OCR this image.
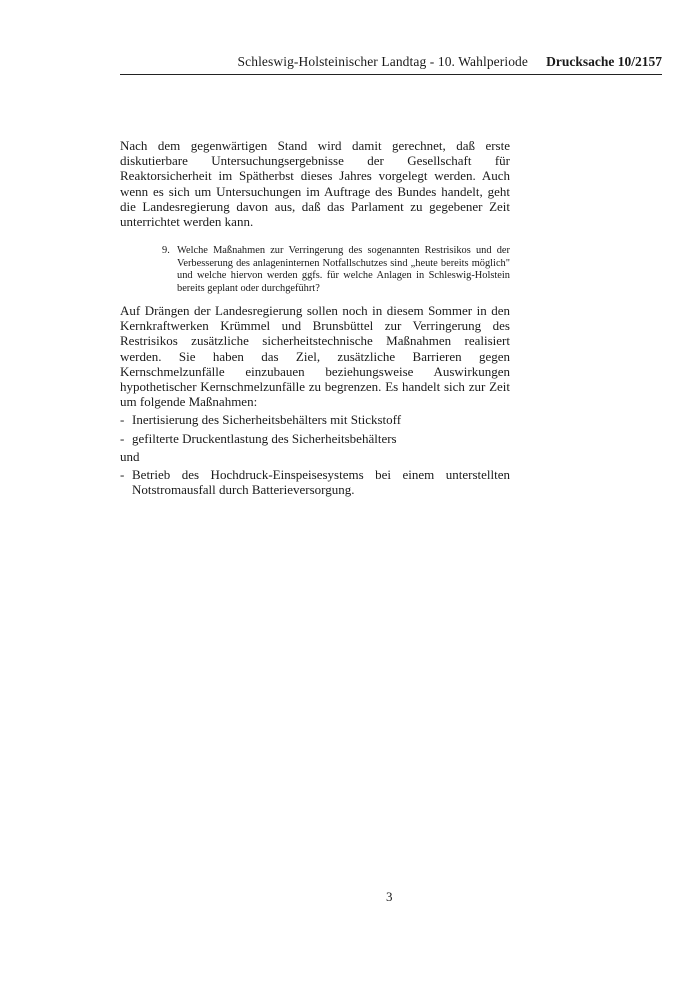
Schleswig-Holsteinischer Landtag - 10. Wahlperiode Drucksache 10/2157

Nach dem gegenwärtigen Stand wird damit gerechnet, daß erste diskutierbare Untersuchungsergebnisse der Gesellschaft für Reaktorsicherheit im Spätherbst dieses Jahres vorgelegt werden. Auch wenn es sich um Untersuchungen im Auftrage des Bundes handelt, geht die Landesregierung davon aus, daß das Parlament zu gegebener Zeit unterrichtet werden kann.

9. Welche Maßnahmen zur Verringerung des sogenannten Restrisikos und der Verbesserung des anlageninternen Notfallschutzes sind „heute bereits möglich" und welche hiervon werden ggfs. für welche Anlagen in Schleswig-Holstein bereits geplant oder durchgeführt?

Auf Drängen der Landesregierung sollen noch in diesem Sommer in den Kernkraftwerken Krümmel und Brunsbüttel zur Verringerung des Restrisikos zusätzliche sicherheitstechnische Maßnahmen realisiert werden. Sie haben das Ziel, zusätzliche Barrieren gegen Kernschmelzunfälle einzubauen beziehungsweise Auswirkungen hypothetischer Kernschmelzunfälle zu begrenzen. Es handelt sich zur Zeit um folgende Maßnahmen:

- Inertisierung des Sicherheitsbehälters mit Stickstoff
- gefilterte Druckentlastung des Sicherheitsbehälters
und
- Betrieb des Hochdruck-Einspeisesystems bei einem unterstellten Notstromausfall durch Batterieversorgung.
3
